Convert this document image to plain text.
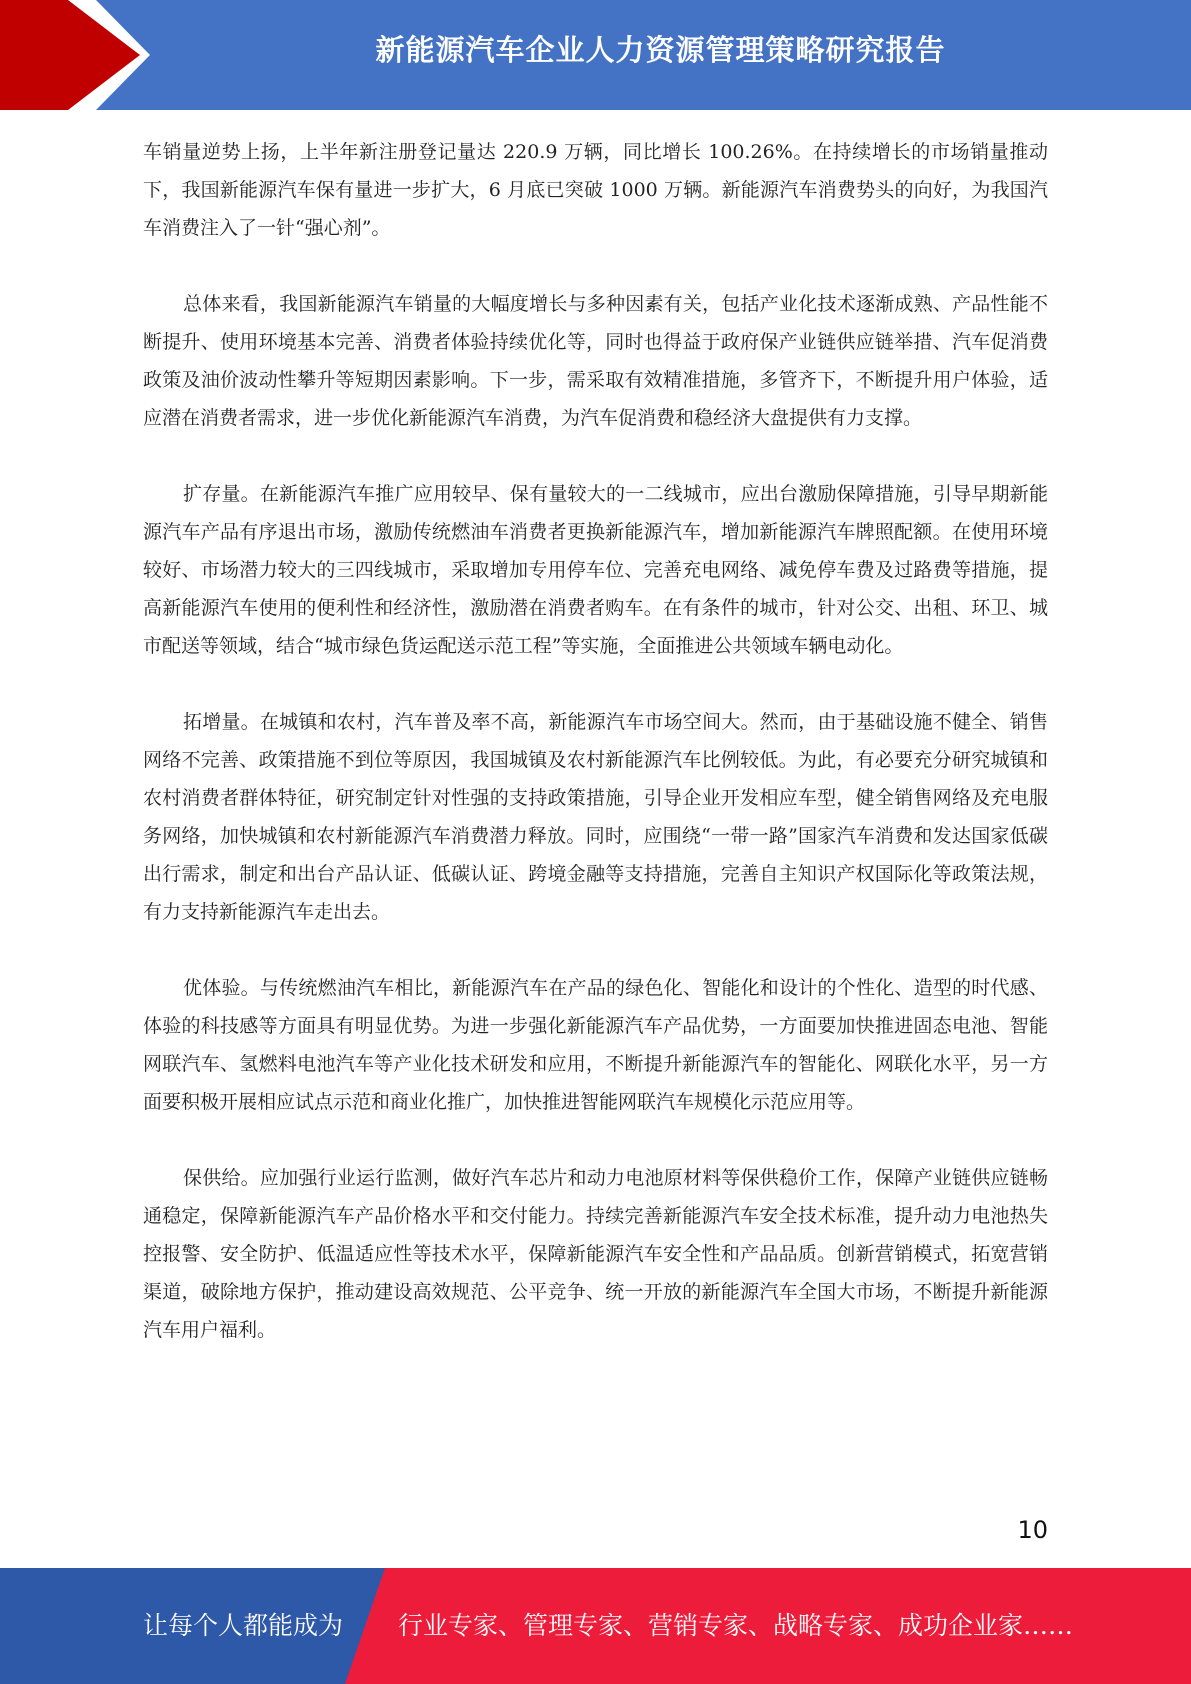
新能源汽车企业人力资源管理策略研究报告

车销量逆势上扬，上半年新注册登记量达 220.9 万辆，同比增长 100.26%。在持续增长的市场销量推动下，我国新能源汽车保有量进一步扩大，6 月底已突破 1000 万辆。新能源汽车消费势头的向好，为我国汽车消费注入了一针“强心剂”。

总体来看，我国新能源汽车销量的大幅度增长与多种因素有关，包括产业化技术逐渐成熟、产品性能不断提升、使用环境基本完善、消费者体验持续优化等，同时也得益于政府保产业链供应链举措、汽车促消费政策及油价波动性攀升等短期因素影响。下一步，需采取有效精准措施，多管齐下，不断提升用户体验，适应潜在消费者需求，进一步优化新能源汽车消费，为汽车促消费和稳经济大盘提供有力支撑。

扩存量。在新能源汽车推广应用较早、保有量较大的一二线城市，应出台激励保障措施，引导早期新能源汽车产品有序退出市场，激励传统燃油车消费者更换新能源汽车，增加新能源汽车牌照配额。在使用环境较好、市场潜力较大的三四线城市，采取增加专用停车位、完善充电网络、减免停车费及过路费等措施，提高新能源汽车使用的便利性和经济性，激励潜在消费者购车。在有条件的城市，针对公交、出租、环卫、城市配送等领域，结合“城市绿色货运配送示范工程”等实施，全面推进公共领域车辆电动化。

拓增量。在城镇和农村，汽车普及率不高，新能源汽车市场空间大。然而，由于基础设施不健全、销售网络不完善、政策措施不到位等原因，我国城镇及农村新能源汽车比例较低。为此，有必要充分研究城镇和农村消费者群体特征，研究制定针对性强的支持政策措施，引导企业开发相应车型，健全销售网络及充电服务网络，加快城镇和农村新能源汽车消费潜力释放。同时，应围绕“一带一路”国家汽车消费和发达国家低碳出行需求，制定和出台产品认证、低碳认证、跨境金融等支持措施，完善自主知识产权国际化等政策法规，有力支持新能源汽车走出去。

优体验。与传统燃油汽车相比，新能源汽车在产品的绿色化、智能化和设计的个性化、造型的时代感、体验的科技感等方面具有明显优势。为进一步强化新能源汽车产品优势，一方面要加快推进固态电池、智能网联汽车、氢燃料电池汽车等产业化技术研发和应用，不断提升新能源汽车的智能化、网联化水平，另一方面要积极开展相应试点示范和商业化推广，加快推进智能网联汽车规模化示范应用等。

保供给。应加强行业运行监测，做好汽车芯片和动力电池原材料等保供稳价工作，保障产业链供应链畅通稳定，保障新能源汽车产品价格水平和交付能力。持续完善新能源汽车安全技术标准，提升动力电池热失控报警、安全防护、低温适应性等技术水平，保障新能源汽车安全性和产品品质。创新营销模式，拓宽营销渠道，破除地方保护，推动建设高效规范、公平竞争、统一开放的新能源汽车全国大市场，不断提升新能源汽车用户福利。

10
让每个人都能成为 行业专家、管理专家、营销专家、战略专家、成功企业家……
